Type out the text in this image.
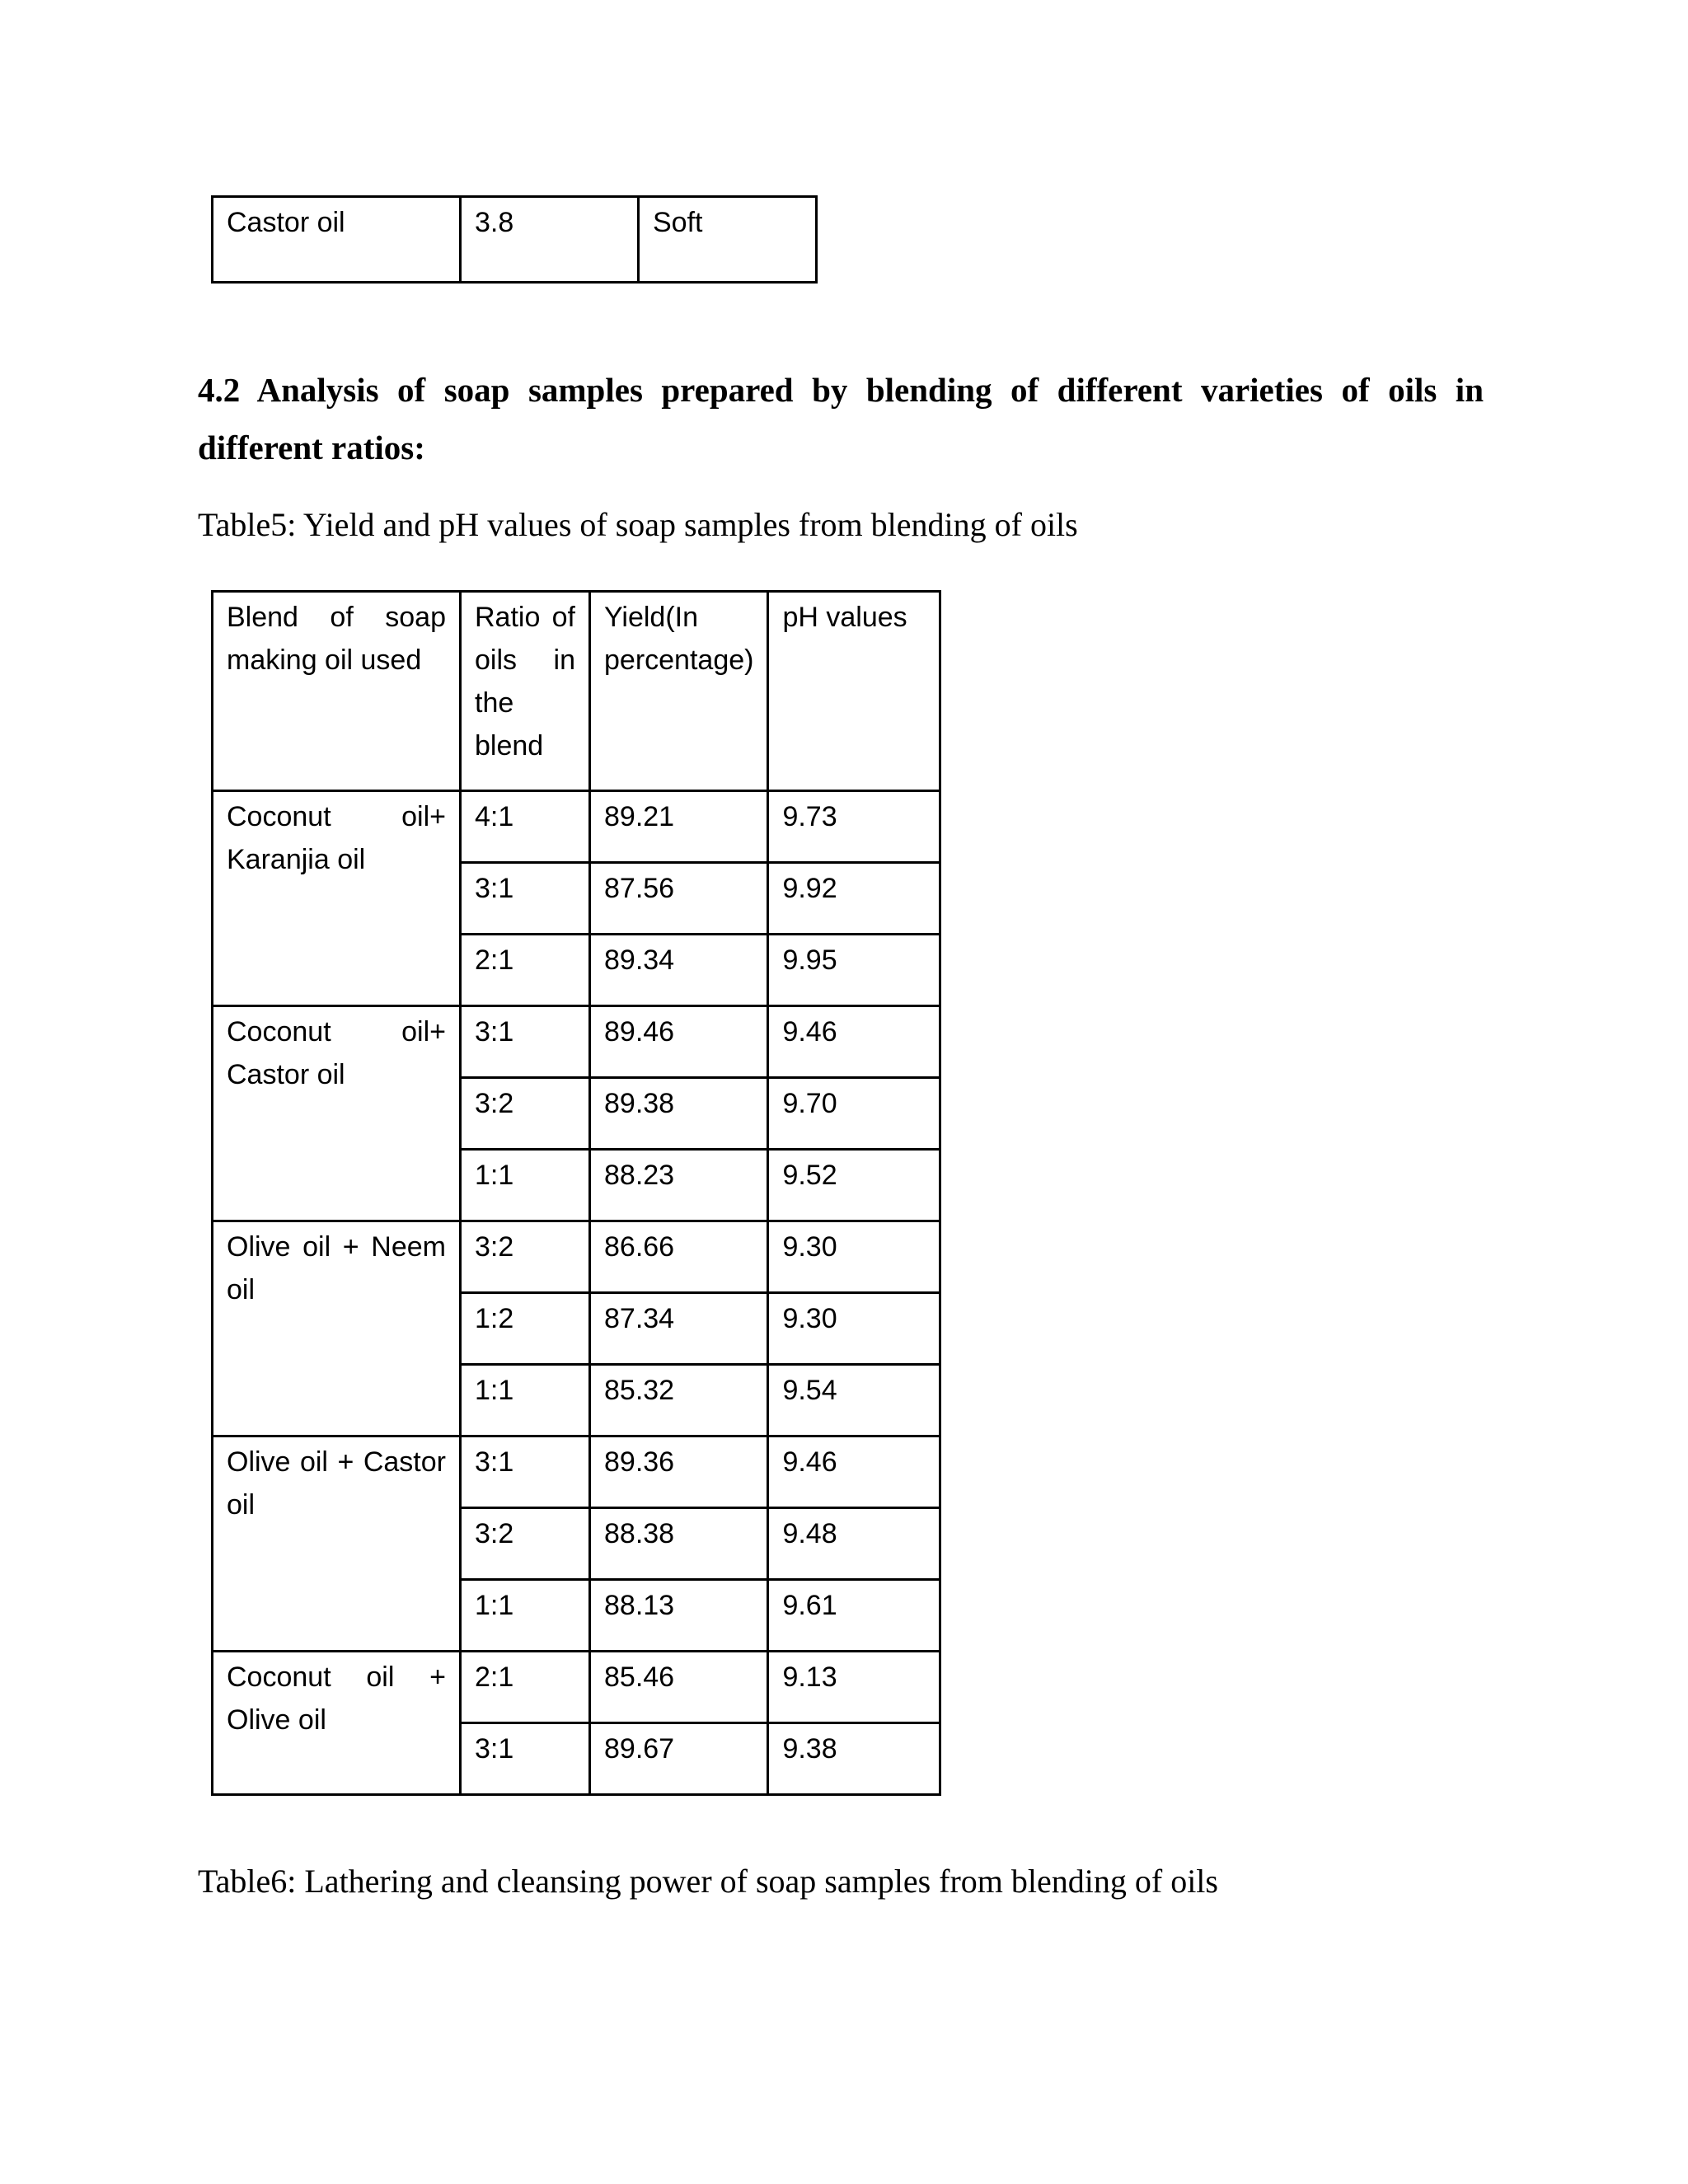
Castor oil	3.8	Soft

4.2 Analysis of soap samples prepared by blending of different varieties of oils in different ratios:

Table5: Yield and pH values of soap samples from blending of oils

Blend of soap making oil used	Ratio of oils in the blend	Yield(In percentage)	pH values
Coconut oil+ Karanjia oil	4:1	89.21	9.73
	3:1	87.56	9.92
	2:1	89.34	9.95
Coconut oil+ Castor oil	3:1	89.46	9.46
	3:2	89.38	9.70
	1:1	88.23	9.52
Olive oil + Neem oil	3:2	86.66	9.30
	1:2	87.34	9.30
	1:1	85.32	9.54
Olive oil + Castor oil	3:1	89.36	9.46
	3:2	88.38	9.48
	1:1	88.13	9.61
Coconut oil + Olive oil	2:1	85.46	9.13
	3:1	89.67	9.38

Table6: Lathering and cleansing power of soap samples from blending of oils
